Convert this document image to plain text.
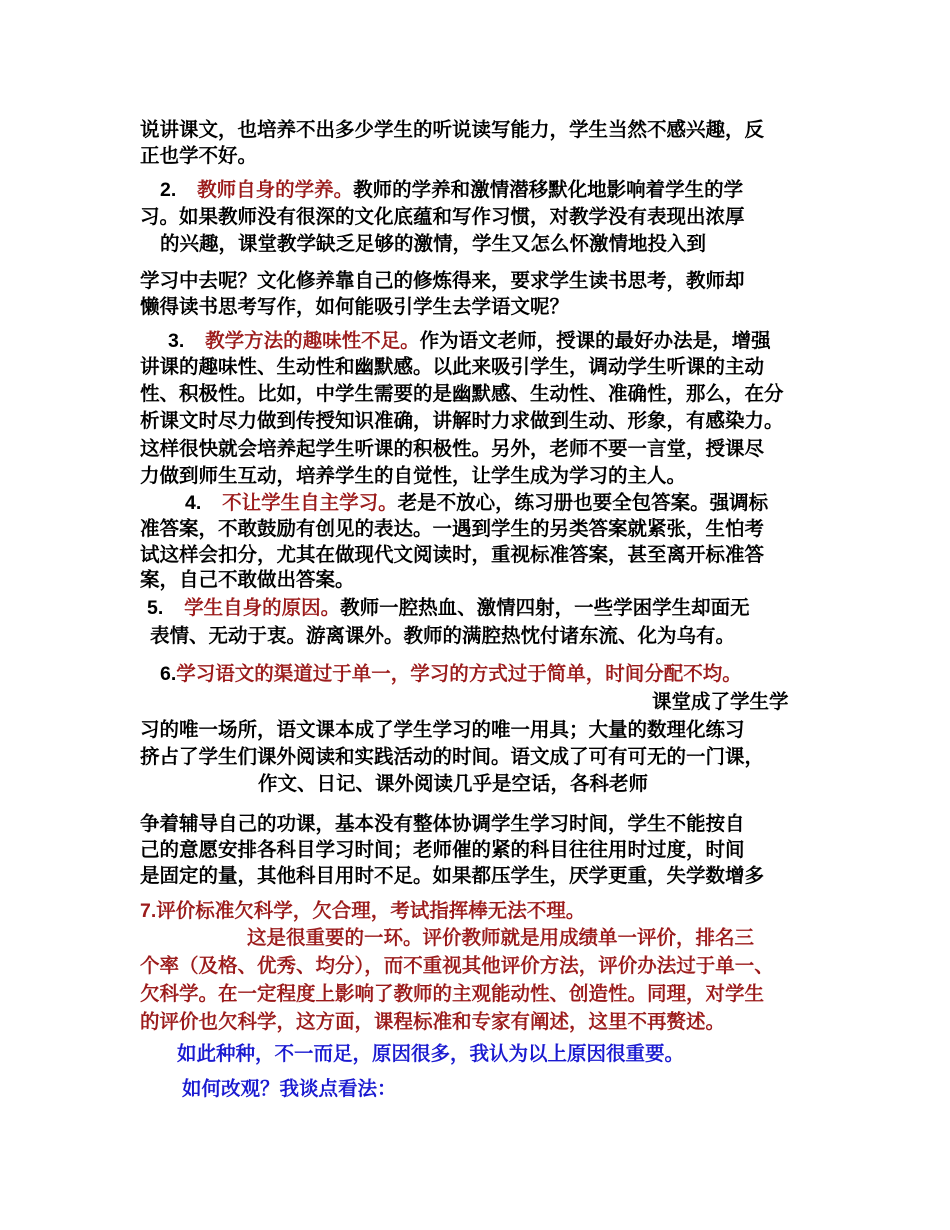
说讲课文，也培养不出多少学生的听说读写能力，学生当然不感兴趣，反
正也学不好。
2. 教师自身的学养。教师的学养和激情潜移默化地影响着学生的学
习。如果教师没有很深的文化底蕴和写作习惯，对教学没有表现出浓厚
的兴趣，课堂教学缺乏足够的激情，学生又怎么怀激情地投入到
学习中去呢？文化修养靠自己的修炼得来，要求学生读书思考，教师却
懒得读书思考写作，如何能吸引学生去学语文呢？
3. 教学方法的趣味性不足。作为语文老师，授课的最好办法是，增强
讲课的趣味性、生动性和幽默感。以此来吸引学生，调动学生听课的主动
性、积极性。比如，中学生需要的是幽默感、生动性、准确性，那么，在分
析课文时尽力做到传授知识准确，讲解时力求做到生动、形象，有感染力。
这样很快就会培养起学生听课的积极性。另外，老师不要一言堂，授课尽
力做到师生互动，培养学生的自觉性，让学生成为学习的主人。
4. 不让学生自主学习。老是不放心，练习册也要全包答案。强调标
准答案，不敢鼓励有创见的表达。一遇到学生的另类答案就紧张，生怕考
试这样会扣分，尤其在做现代文阅读时，重视标准答案，甚至离开标准答
案，自己不敢做出答案。
5. 学生自身的原因。教师一腔热血、激情四射，一些学困学生却面无
表情、无动于衷。游离课外。教师的满腔热忱付诸东流、化为乌有。
6.学习语文的渠道过于单一，学习的方式过于简单，时间分配不均。
课堂成了学生学
习的唯一场所，语文课本成了学生学习的唯一用具；大量的数理化练习
挤占了学生们课外阅读和实践活动的时间。语文成了可有可无的一门课，
作文、日记、课外阅读几乎是空话，各科老师
争着辅导自己的功课，基本没有整体协调学生学习时间，学生不能按自
己的意愿安排各科目学习时间；老师催的紧的科目往往用时过度，时间
是固定的量，其他科目用时不足。如果都压学生，厌学更重，失学数增多
7.评价标准欠科学，欠合理，考试指挥棒无法不理。
这是很重要的一环。评价教师就是用成绩单一评价，排名三
个率（及格、优秀、均分），而不重视其他评价方法，评价办法过于单一、
欠科学。在一定程度上影响了教师的主观能动性、创造性。同理，对学生
的评价也欠科学，这方面，课程标准和专家有阐述，这里不再赘述。
如此种种，不一而足，原因很多，我认为以上原因很重要。
如何改观？我谈点看法：
